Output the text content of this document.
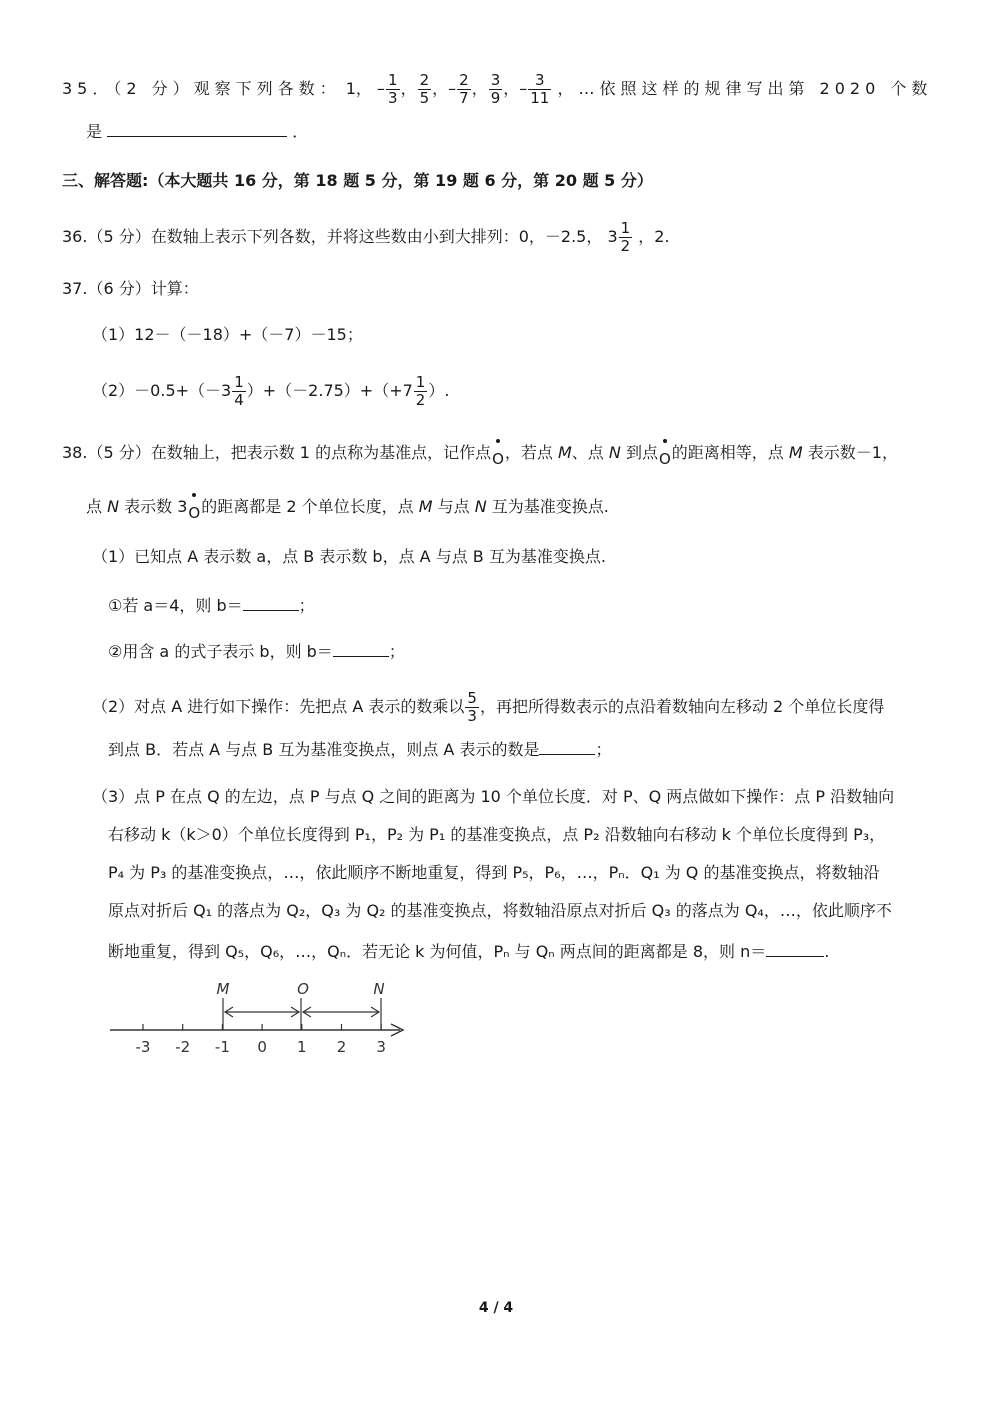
35．（2 分）观察下列各数： 1， – $\frac{1}{3}$ ， $\frac{2}{5}$ ，– $\frac{2}{7}$ ， $\frac{3}{9}$ ，– $\frac{3}{11}$ ，…依照这样的规律写出第 2020 个数
是	．
三、解答题:（本大题共 16 分，第 18 题 5 分，第 19 题 6 分，第 20 题 5 分）
36.（5 分）在数轴上表示下列各数，并将这些数由小到大排列：0，－2.5， $3 \frac{1}{2}$ ，2.
37.（6 分）计算：
（1）12－（－18）+（－7）－15；
$(2)-0.5+(-3 \frac{1}{4} )+(-2.75)+(+7 \frac{1}{2}$ ）.
38.（5 分）在数轴上，把表示数 1 的点称为基准点，记作点O，若点 M、点 N 到点O的距离相等，点 M 表示数－1，
点 N 表示数 3O的距离都是 2 个单位长度，点 M 与点 N 互为基准变换点.
（1）已知点 A 表示数 a，点 B 表示数 b，点 A 与点 B 互为基准变换点.
①若 a＝4，则 b＝	；
②用含 a 的式子表示 b，则 b＝	；
（2）对点 A 进行如下操作：先把点 A 表示的数乘以 $\frac{5}{3}$ ，再把所得数表示的点沿着数轴向左移动 2 个单位长度得
到点 B．若点 A 与点 B 互为基准变换点，则点 A 表示的数是	；
（3）点 P 在点 Q 的左边，点 P 与点 Q 之间的距离为 10 个单位长度．对 P、Q 两点做如下操作：点 P 沿数轴向
右移动 k（k＞0）个单位长度得到 P₁，P₂ 为 P₁ 的基准变换点，点 P₂ 沿数轴向右移动 k 个单位长度得到 P₃，
P₄ 为 P₃ 的基准变换点，…，依此顺序不断地重复，得到 P₅，P₆，…，Pₙ．Q₁ 为 Q 的基准变换点，将数轴沿
原点对折后 Q₁ 的落点为 Q₂，Q₃ 为 Q₂ 的基准变换点，将数轴沿原点对折后 Q₃ 的落点为 Q₄，…，依此顺序不
断地重复，得到 Q₅，Q₆，…，Qₙ．若无论 k 为何值，Pₙ 与 Qₙ 两点间的距离都是 8，则 n＝	.
-3 -2 -1 0 1 2 3
M	O	N
4 / 4
